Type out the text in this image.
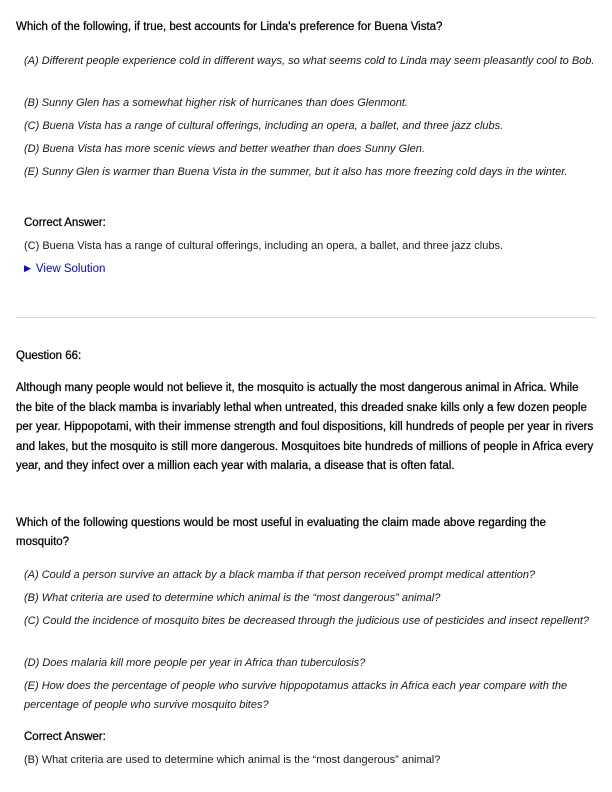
Which of the following, if true, best accounts for Linda's preference for Buena Vista?
(A) Different people experience cold in different ways, so what seems cold to Linda may seem pleasantly cool to Bob.
(B) Sunny Glen has a somewhat higher risk of hurricanes than does Glenmont.
(C) Buena Vista has a range of cultural offerings, including an opera, a ballet, and three jazz clubs.
(D) Buena Vista has more scenic views and better weather than does Sunny Glen.
(E) Sunny Glen is warmer than Buena Vista in the summer, but it also has more freezing cold days in the winter.
Correct Answer:
(C) Buena Vista has a range of cultural offerings, including an opera, a ballet, and three jazz clubs.
▶ View Solution
Question 66:
Although many people would not believe it, the mosquito is actually the most dangerous animal in Africa. While the bite of the black mamba is invariably lethal when untreated, this dreaded snake kills only a few dozen people per year. Hippopotami, with their immense strength and foul dispositions, kill hundreds of people per year in rivers and lakes, but the mosquito is still more dangerous. Mosquitoes bite hundreds of millions of people in Africa every year, and they infect over a million each year with malaria, a disease that is often fatal.
Which of the following questions would be most useful in evaluating the claim made above regarding the mosquito?
(A) Could a person survive an attack by a black mamba if that person received prompt medical attention?
(B) What criteria are used to determine which animal is the “most dangerous” animal?
(C) Could the incidence of mosquito bites be decreased through the judicious use of pesticides and insect repellent?
(D) Does malaria kill more people per year in Africa than tuberculosis?
(E) How does the percentage of people who survive hippopotamus attacks in Africa each year compare with the percentage of people who survive mosquito bites?
Correct Answer:
(B) What criteria are used to determine which animal is the “most dangerous” animal?
